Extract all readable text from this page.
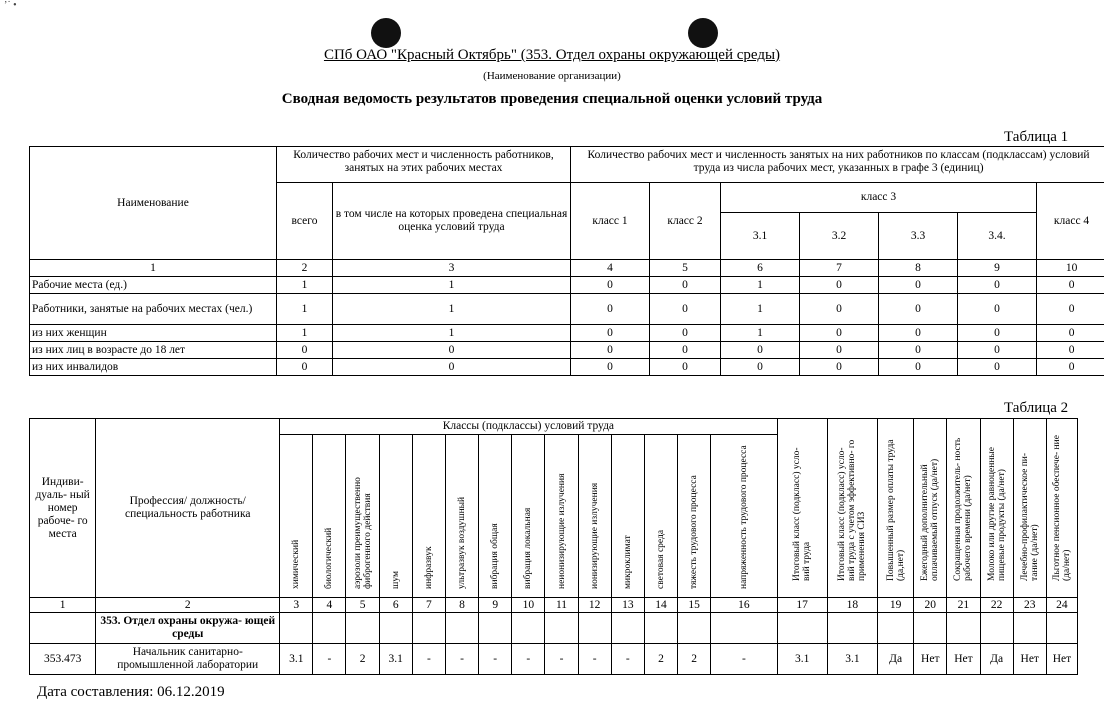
’˙ •
СПб ОАО "Красный Октябрь" (353. Отдел охраны окружающей среды)
(Наименование организации)
Сводная ведомость результатов проведения специальной оценки условий труда
Таблица 1
Наименование	Количество рабочих мест и численность работников, занятых на этих рабочих местах		Количество рабочих мест и численность занятых на них работников по классам (подклассам) условий труда из числа рабочих мест, указанных в графе 3 (единиц)						
	всего	в том числе на которых проведена специальная оценка условий труда	класс 1	класс 2	класс 3				класс 4
					3.1	3.2	3.3	3.4.	
1	2	3	4	5	6	7	8	9	10
Рабочие места (ед.)	1	1	0	0	1	0	0	0	0
Работники, занятые на рабочих местах (чел.)	1	1	0	0	1	0	0	0	0
из них женщин	1	1	0	0	1	0	0	0	0
из них лиц в возрасте до 18 лет	0	0	0	0	0	0	0	0	0
из них инвалидов	0	0	0	0	0	0	0	0	0
Таблица 2
Индиви- дуаль- ный номер рабоче- го места	Профессия/ должность/ специальность работника	Классы (подклассы) условий труда														Итоговый класс (подкласс) усло- вий труда	Итоговый класс (подкласс) усло- вий труда с учетом эффективно- го применения СИЗ	Повышенный размер оплаты труда (да,нет)	Ежегодный дополнительный оплачиваемый отпуск (да/нет)	Сокращенная продолжитель- ность рабочего времени (да/нет)	Молоко или другие равноценные пищевые продукты (да/нет)	Лечебно-профилактическое пи- тание (да/нет)	Льготное пенсионное обеспече- ние (да/нет)
		химический	биологический	аэрозоли преимущественно фиброгенного действия	шум	инфразвук	ультразвук воздушный	вибрация общая	вибрация локальная	неионизирующие излучения	ионизирующие излучения	микроклимат	световая среда	тяжесть трудового процесса	напряженность трудового процесса								
1	2	3	4	5	6	7	8	9	10	11	12	13	14	15	16	17	18	19	20	21	22	23	24
	353. Отдел охраны окружа- ющей среды																						
353.473	Начальник санитарно- промышленной лаборатории	3.1	-	2	3.1	-	-	-	-	-	-	-	2	2	-	3.1	3.1	Да	Нет	Нет	Да	Нет	Нет
Дата составления: 06.12.2019
